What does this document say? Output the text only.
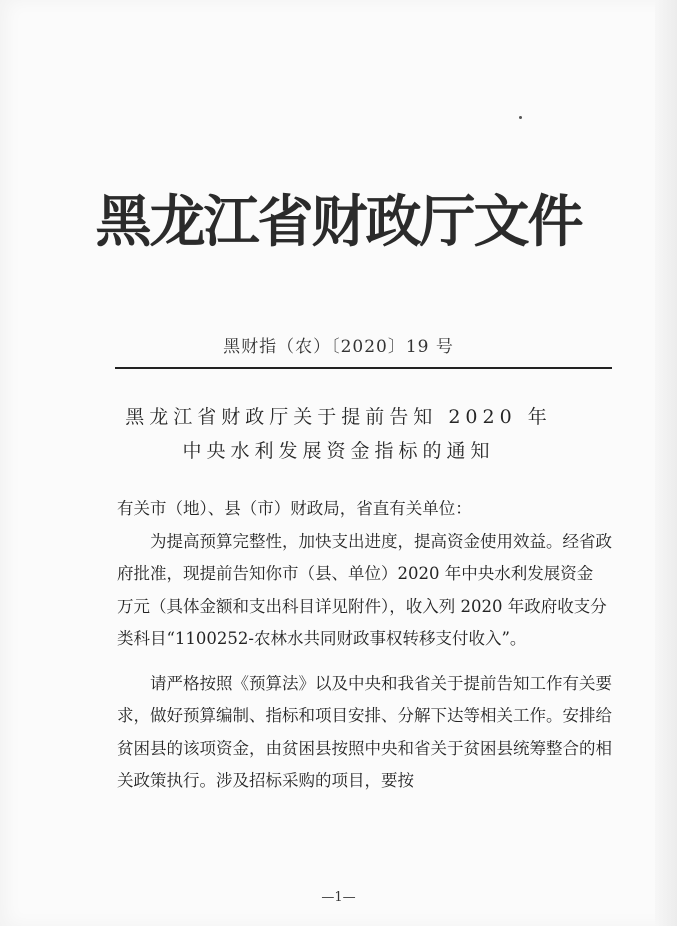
黑龙江省财政厅文件
黑财指（农）〔2020〕19 号
黑龙江省财政厅关于提前告知 2020 年
中央水利发展资金指标的通知

有关市（地）、县（市）财政局，省直有关单位：

为提高预算完整性，加快支出进度，提高资金使用效益。经省政府批准，现提前告知你市（县、单位）2020 年中央水利发展资金　　万元（具体金额和支出科目详见附件），收入列 2020 年政府收支分类科目“1100252-农林水共同财政事权转移支付收入”。

请严格按照《预算法》以及中央和我省关于提前告知工作有关要求，做好预算编制、指标和项目安排、分解下达等相关工作。安排给贫困县的该项资金，由贫困县按照中央和省关于贫困县统筹整合的相关政策执行。涉及招标采购的项目，要按

—1—
